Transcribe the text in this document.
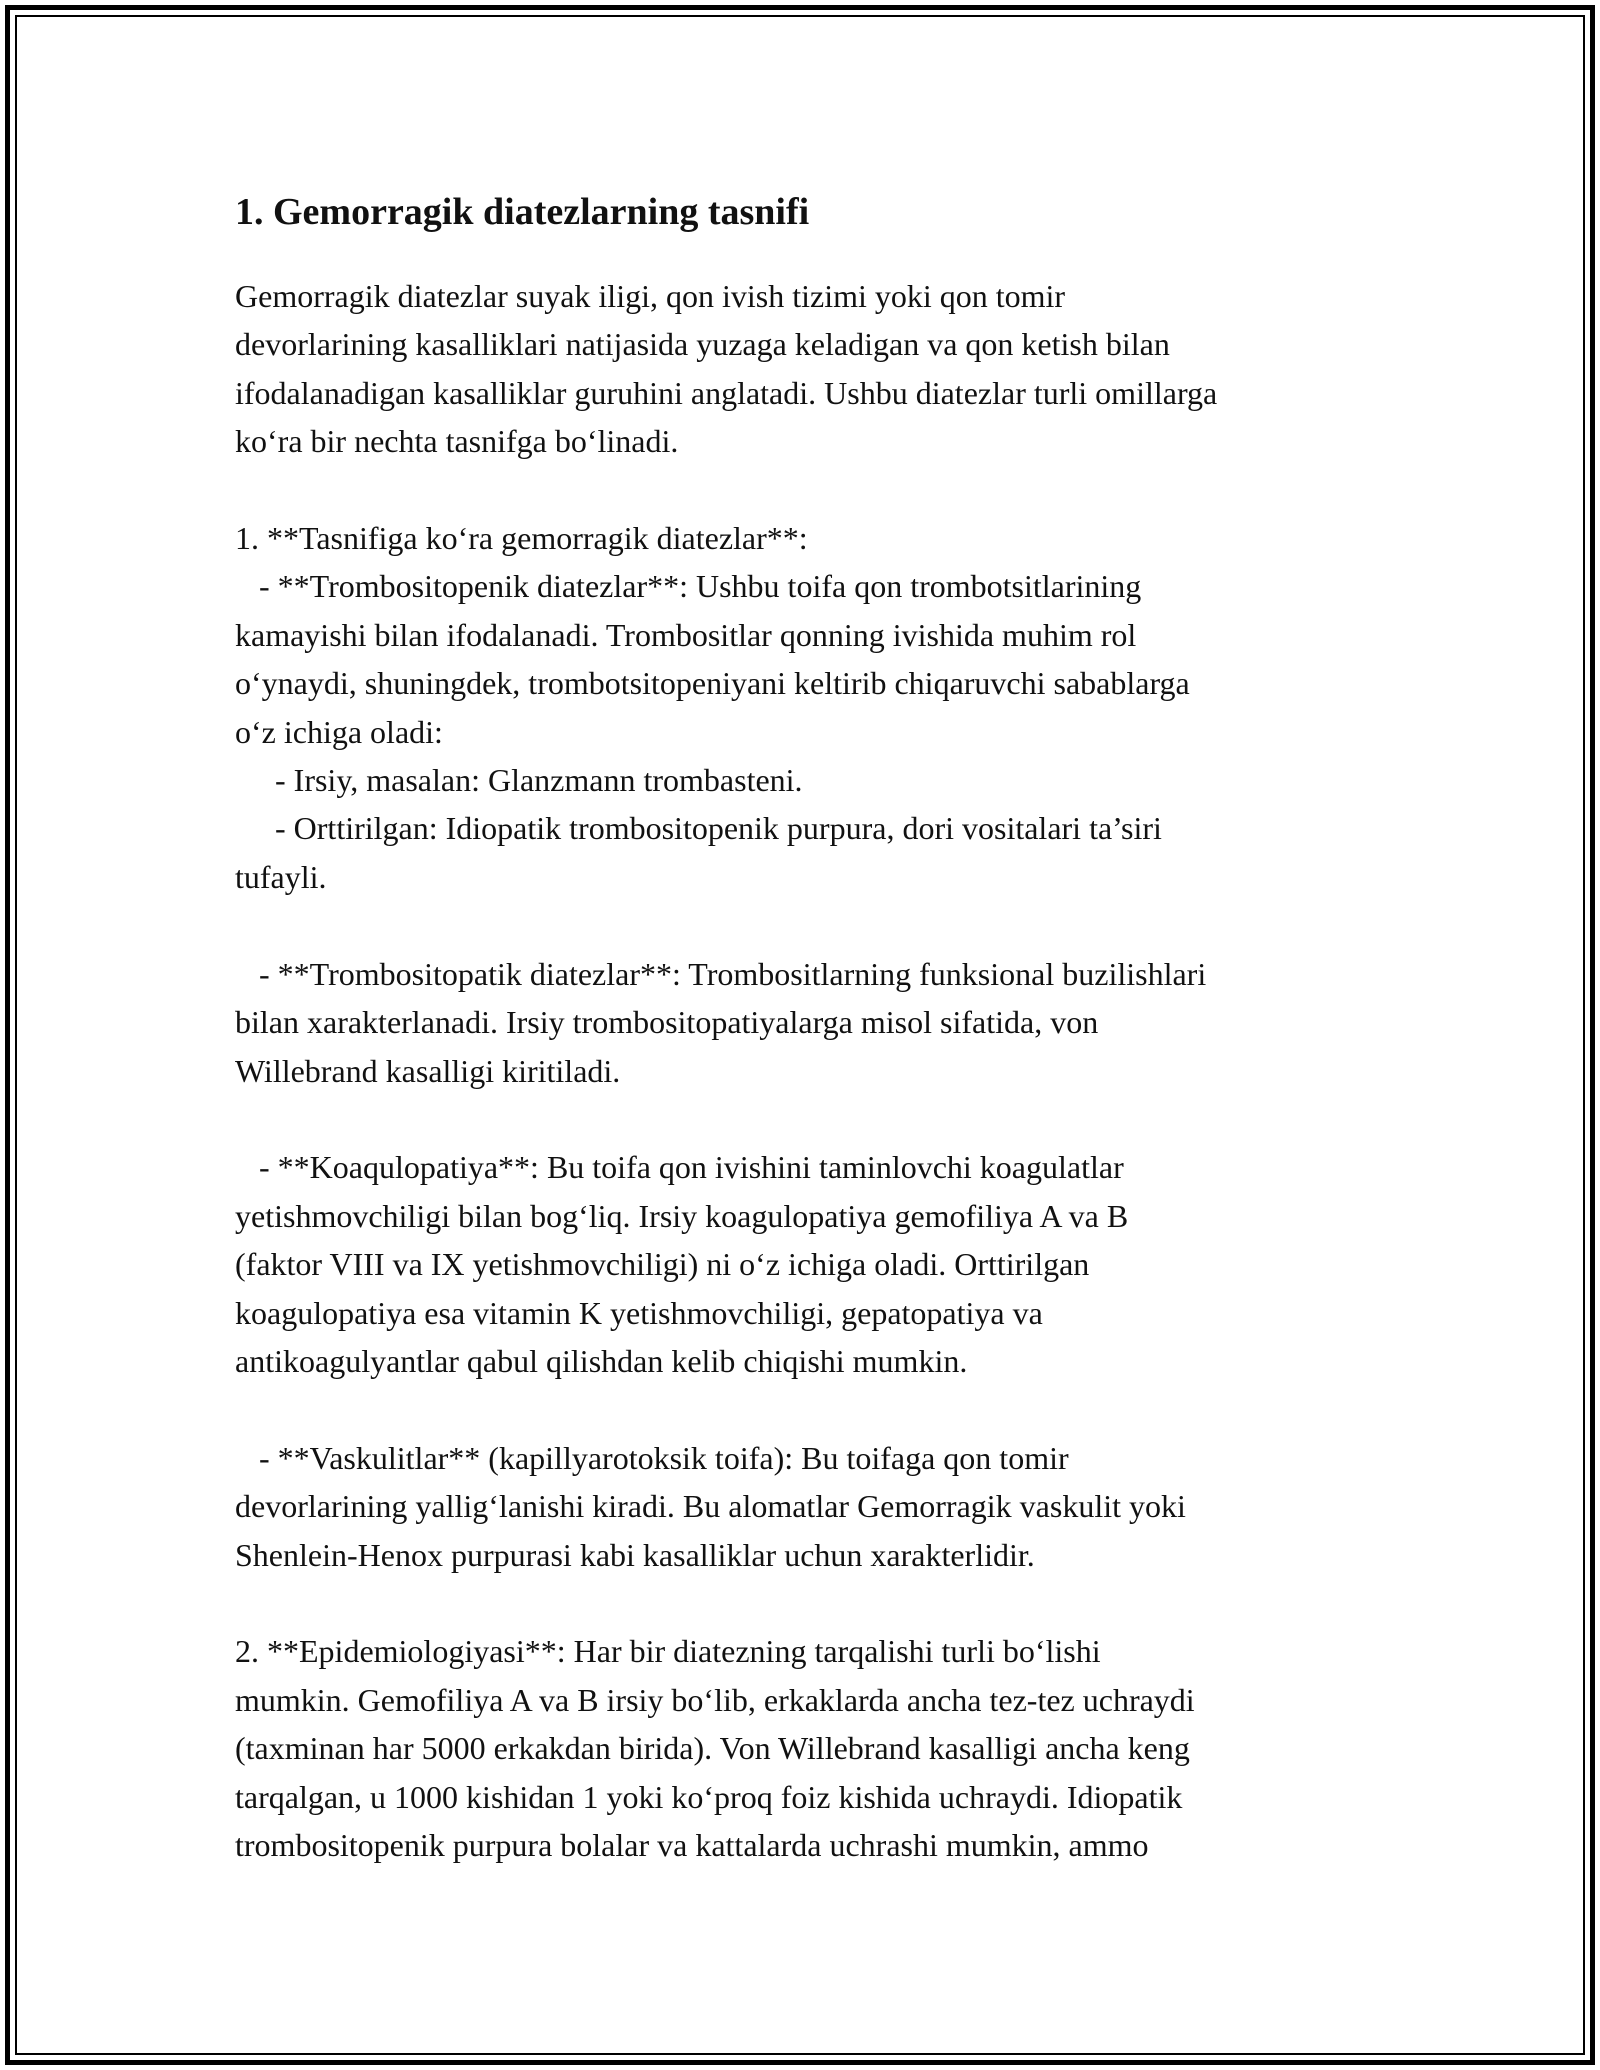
1. Gemorragik diatezlarning tasnifi
Gemorragik diatezlar suyak iligi, qon ivish tizimi yoki qon tomir
devorlarining kasalliklari natijasida yuzaga keladigan va qon ketish bilan
ifodalanadigan kasalliklar guruhini anglatadi. Ushbu diatezlar turli omillarga
ko‘ra bir nechta tasnifga bo‘linadi.

1. **Tasnifiga ko‘ra gemorragik diatezlar**:
- **Trombositopenik diatezlar**: Ushbu toifa qon trombotsitlarining
kamayishi bilan ifodalanadi. Trombositlar qonning ivishida muhim rol
o‘ynaydi, shuningdek, trombotsitopeniyani keltirib chiqaruvchi sabablarga
o‘z ichiga oladi:
- Irsiy, masalan: Glanzmann trombasteni.
- Orttirilgan: Idiopatik trombositopenik purpura, dori vositalari ta’siri
tufayli.

- **Trombositopatik diatezlar**: Trombositlarning funksional buzilishlari
bilan xarakterlanadi. Irsiy trombositopatiyalarga misol sifatida, von
Willebrand kasalligi kiritiladi.

- **Koaqulopatiya**: Bu toifa qon ivishini taminlovchi koagulatlar
yetishmovchiligi bilan bog‘liq. Irsiy koagulopatiya gemofiliya A va B
(faktor VIII va IX yetishmovchiligi) ni o‘z ichiga oladi. Orttirilgan
koagulopatiya esa vitamin K yetishmovchiligi, gepatopatiya va
antikoagulyantlar qabul qilishdan kelib chiqishi mumkin.

- **Vaskulitlar** (kapillyarotoksik toifa): Bu toifaga qon tomir
devorlarining yallig‘lanishi kiradi. Bu alomatlar Gemorragik vaskulit yoki
Shenlein-Henox purpurasi kabi kasalliklar uchun xarakterlidir.

2. **Epidemiologiyasi**: Har bir diatezning tarqalishi turli bo‘lishi
mumkin. Gemofiliya A va B irsiy bo‘lib, erkaklarda ancha tez-tez uchraydi
(taxminan har 5000 erkakdan birida). Von Willebrand kasalligi ancha keng
tarqalgan, u 1000 kishidan 1 yoki ko‘proq foiz kishida uchraydi. Idiopatik
trombositopenik purpura bolalar va kattalarda uchrashi mumkin, ammo
